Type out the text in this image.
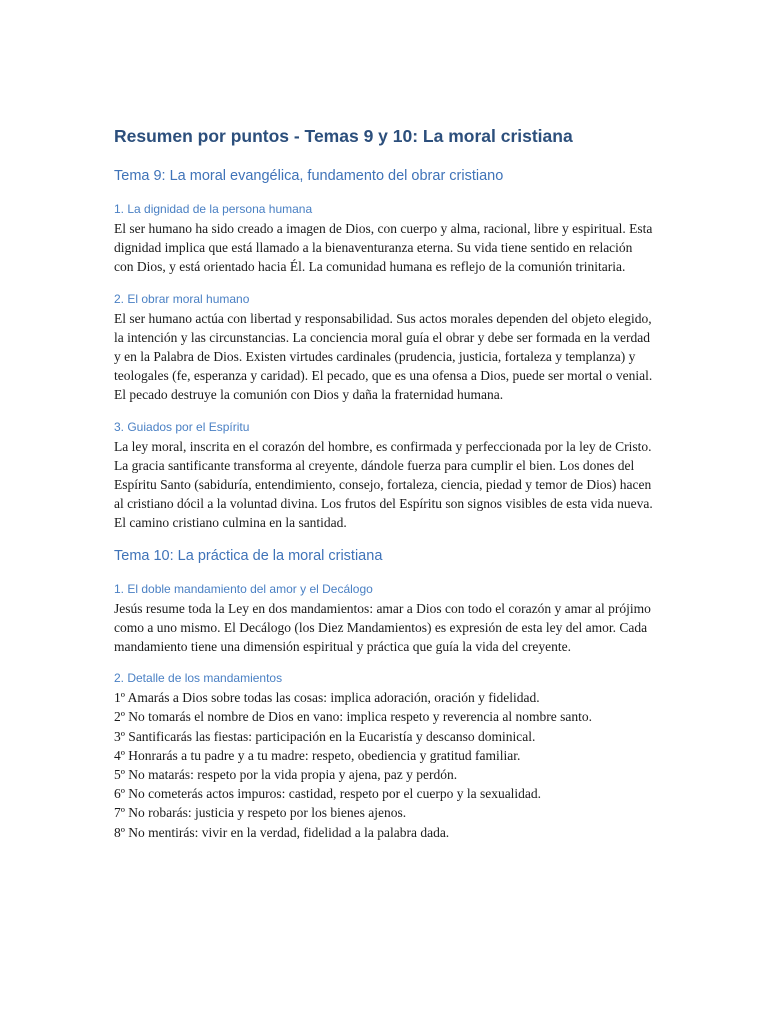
Resumen por puntos - Temas 9 y 10: La moral cristiana
Tema 9: La moral evangélica, fundamento del obrar cristiano
1. La dignidad de la persona humana

El ser humano ha sido creado a imagen de Dios, con cuerpo y alma, racional, libre y espiritual. Esta dignidad implica que está llamado a la bienaventuranza eterna. Su vida tiene sentido en relación con Dios, y está orientado hacia Él. La comunidad humana es reflejo de la comunión trinitaria.

2. El obrar moral humano

El ser humano actúa con libertad y responsabilidad. Sus actos morales dependen del objeto elegido, la intención y las circunstancias. La conciencia moral guía el obrar y debe ser formada en la verdad y en la Palabra de Dios. Existen virtudes cardinales (prudencia, justicia, fortaleza y templanza) y teologales (fe, esperanza y caridad). El pecado, que es una ofensa a Dios, puede ser mortal o venial. El pecado destruye la comunión con Dios y daña la fraternidad humana.

3. Guiados por el Espíritu

La ley moral, inscrita en el corazón del hombre, es confirmada y perfeccionada por la ley de Cristo. La gracia santificante transforma al creyente, dándole fuerza para cumplir el bien. Los dones del Espíritu Santo (sabiduría, entendimiento, consejo, fortaleza, ciencia, piedad y temor de Dios) hacen al cristiano dócil a la voluntad divina. Los frutos del Espíritu son signos visibles de esta vida nueva. El camino cristiano culmina en la santidad.

Tema 10: La práctica de la moral cristiana
1. El doble mandamiento del amor y el Decálogo

Jesús resume toda la Ley en dos mandamientos: amar a Dios con todo el corazón y amar al prójimo como a uno mismo. El Decálogo (los Diez Mandamientos) es expresión de esta ley del amor. Cada mandamiento tiene una dimensión espiritual y práctica que guía la vida del creyente.

2. Detalle de los mandamientos
1º Amarás a Dios sobre todas las cosas: implica adoración, oración y fidelidad.
2º No tomarás el nombre de Dios en vano: implica respeto y reverencia al nombre santo.
3º Santificarás las fiestas: participación en la Eucaristía y descanso dominical.
4º Honrarás a tu padre y a tu madre: respeto, obediencia y gratitud familiar.
5º No matarás: respeto por la vida propia y ajena, paz y perdón.
6º No cometerás actos impuros: castidad, respeto por el cuerpo y la sexualidad.
7º No robarás: justicia y respeto por los bienes ajenos.
8º No mentirás: vivir en la verdad, fidelidad a la palabra dada.
